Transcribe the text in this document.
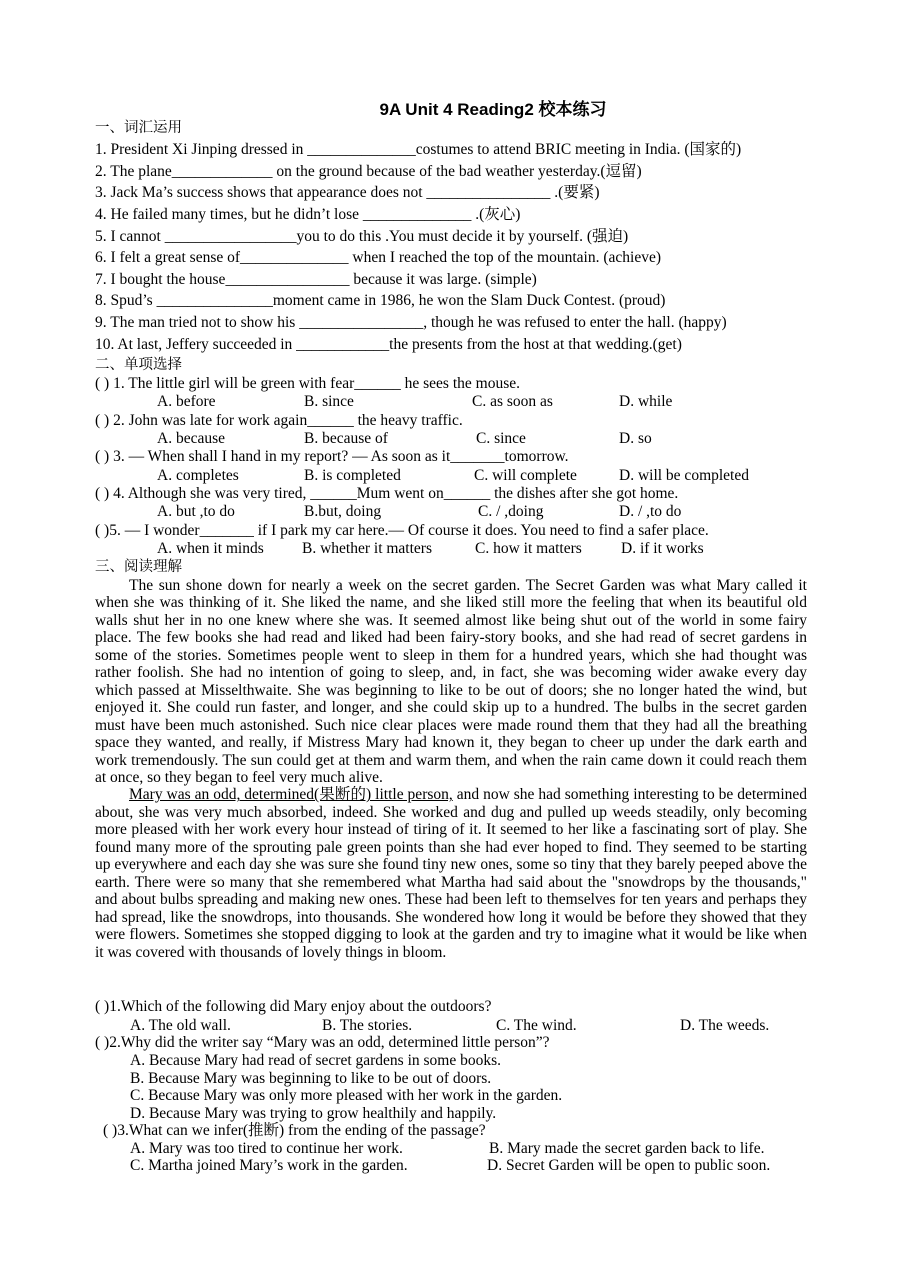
9A Unit 4 Reading2 校本练习
一、词汇运用
1. President Xi Jinping dressed in ______________costumes to attend BRIC meeting in India. (国家的)
2. The plane_____________ on the ground because of the bad weather yesterday.(逗留)
3. Jack Ma’s success shows that appearance does not ________________ .(要紧)
4. He failed many times, but he didn’t lose ______________ .(灰心)
5. I cannot _________________you to do this .You must decide it by yourself. (强迫)
6. I felt a great sense of______________ when I reached the top of the mountain. (achieve)
7. I bought the house________________ because it was large. (simple)
8. Spud’s _______________moment came in 1986, he won the Slam Duck Contest. (proud)
9. The man tried not to show his ________________, though he was refused to enter the hall. (happy)
10. At last, Jeffery succeeded in ____________the presents from the host at that wedding.(get)
二、单项选择
( ) 1. The little girl will be green with fear______ he sees the mouse.
A. before	B. since	C. as soon as	D. while
( ) 2. John was late for work again______ the heavy traffic.
A. because	B. because of	C. since	D. so
( ) 3. — When shall I hand in my report? — As soon as it_______tomorrow.
A. completes	B. is completed	C. will complete	D. will be completed
( ) 4. Although she was very tired, ______Mum went on______ the dishes after she got home.
A. but ,to do	B.but, doing	C. / ,doing	D. / ,to do
( )5. — I wonder_______ if I park my car here.— Of course it does. You need to find a safer place.
A. when it minds B. whether it matters	C. how it matters	D. if it works
三、阅读理解

The sun shone down for nearly a week on the secret garden. The Secret Garden was what Mary called it when she was thinking of it. She liked the name, and she liked still more the feeling that when its beautiful old walls shut her in no one knew where she was. It seemed almost like being shut out of the world in some fairy place. The few books she had read and liked had been fairy-story books, and she had read of secret gardens in some of the stories. Sometimes people went to sleep in them for a hundred years, which she had thought was rather foolish. She had no intention of going to sleep, and, in fact, she was becoming wider awake every day which passed at Misselthwaite. She was beginning to like to be out of doors; she no longer hated the wind, but enjoyed it. She could run faster, and longer, and she could skip up to a hundred. The bulbs in the secret garden must have been much astonished. Such nice clear places were made round them that they had all the breathing space they wanted, and really, if Mistress Mary had known it, they began to cheer up under the dark earth and work tremendously. The sun could get at them and warm them, and when the rain came down it could reach them at once, so they began to feel very much alive.

Mary was an odd, determined(果断的) little person, and now she had something interesting to be determined about, she was very much absorbed, indeed. She worked and dug and pulled up weeds steadily, only becoming more pleased with her work every hour instead of tiring of it. It seemed to her like a fascinating sort of play. She found many more of the sprouting pale green points than she had ever hoped to find. They seemed to be starting up everywhere and each day she was sure she found tiny new ones, some so tiny that they barely peeped above the earth. There were so many that she remembered what Martha had said about the "snowdrops by the thousands," and about bulbs spreading and making new ones. These had been left to themselves for ten years and perhaps they had spread, like the snowdrops, into thousands. She wondered how long it would be before they showed that they were flowers. Sometimes she stopped digging to look at the garden and try to imagine what it would be like when it was covered with thousands of lovely things in bloom.

( )1.Which of the following did Mary enjoy about the outdoors?
A. The old wall.	B. The stories.	C. The wind.	D. The weeds.
( )2.Why did the writer say “Mary was an odd, determined little person”?
A. Because Mary had read of secret gardens in some books.
B. Because Mary was beginning to like to be out of doors.
C. Because Mary was only more pleased with her work in the garden.
D. Because Mary was trying to grow healthily and happily.
( )3.What can we infer(推断) from the ending of the passage?
A. Mary was too tired to continue her work.	B. Mary made the secret garden back to life.
C. Martha joined Mary’s work in the garden.	D. Secret Garden will be open to public soon.
